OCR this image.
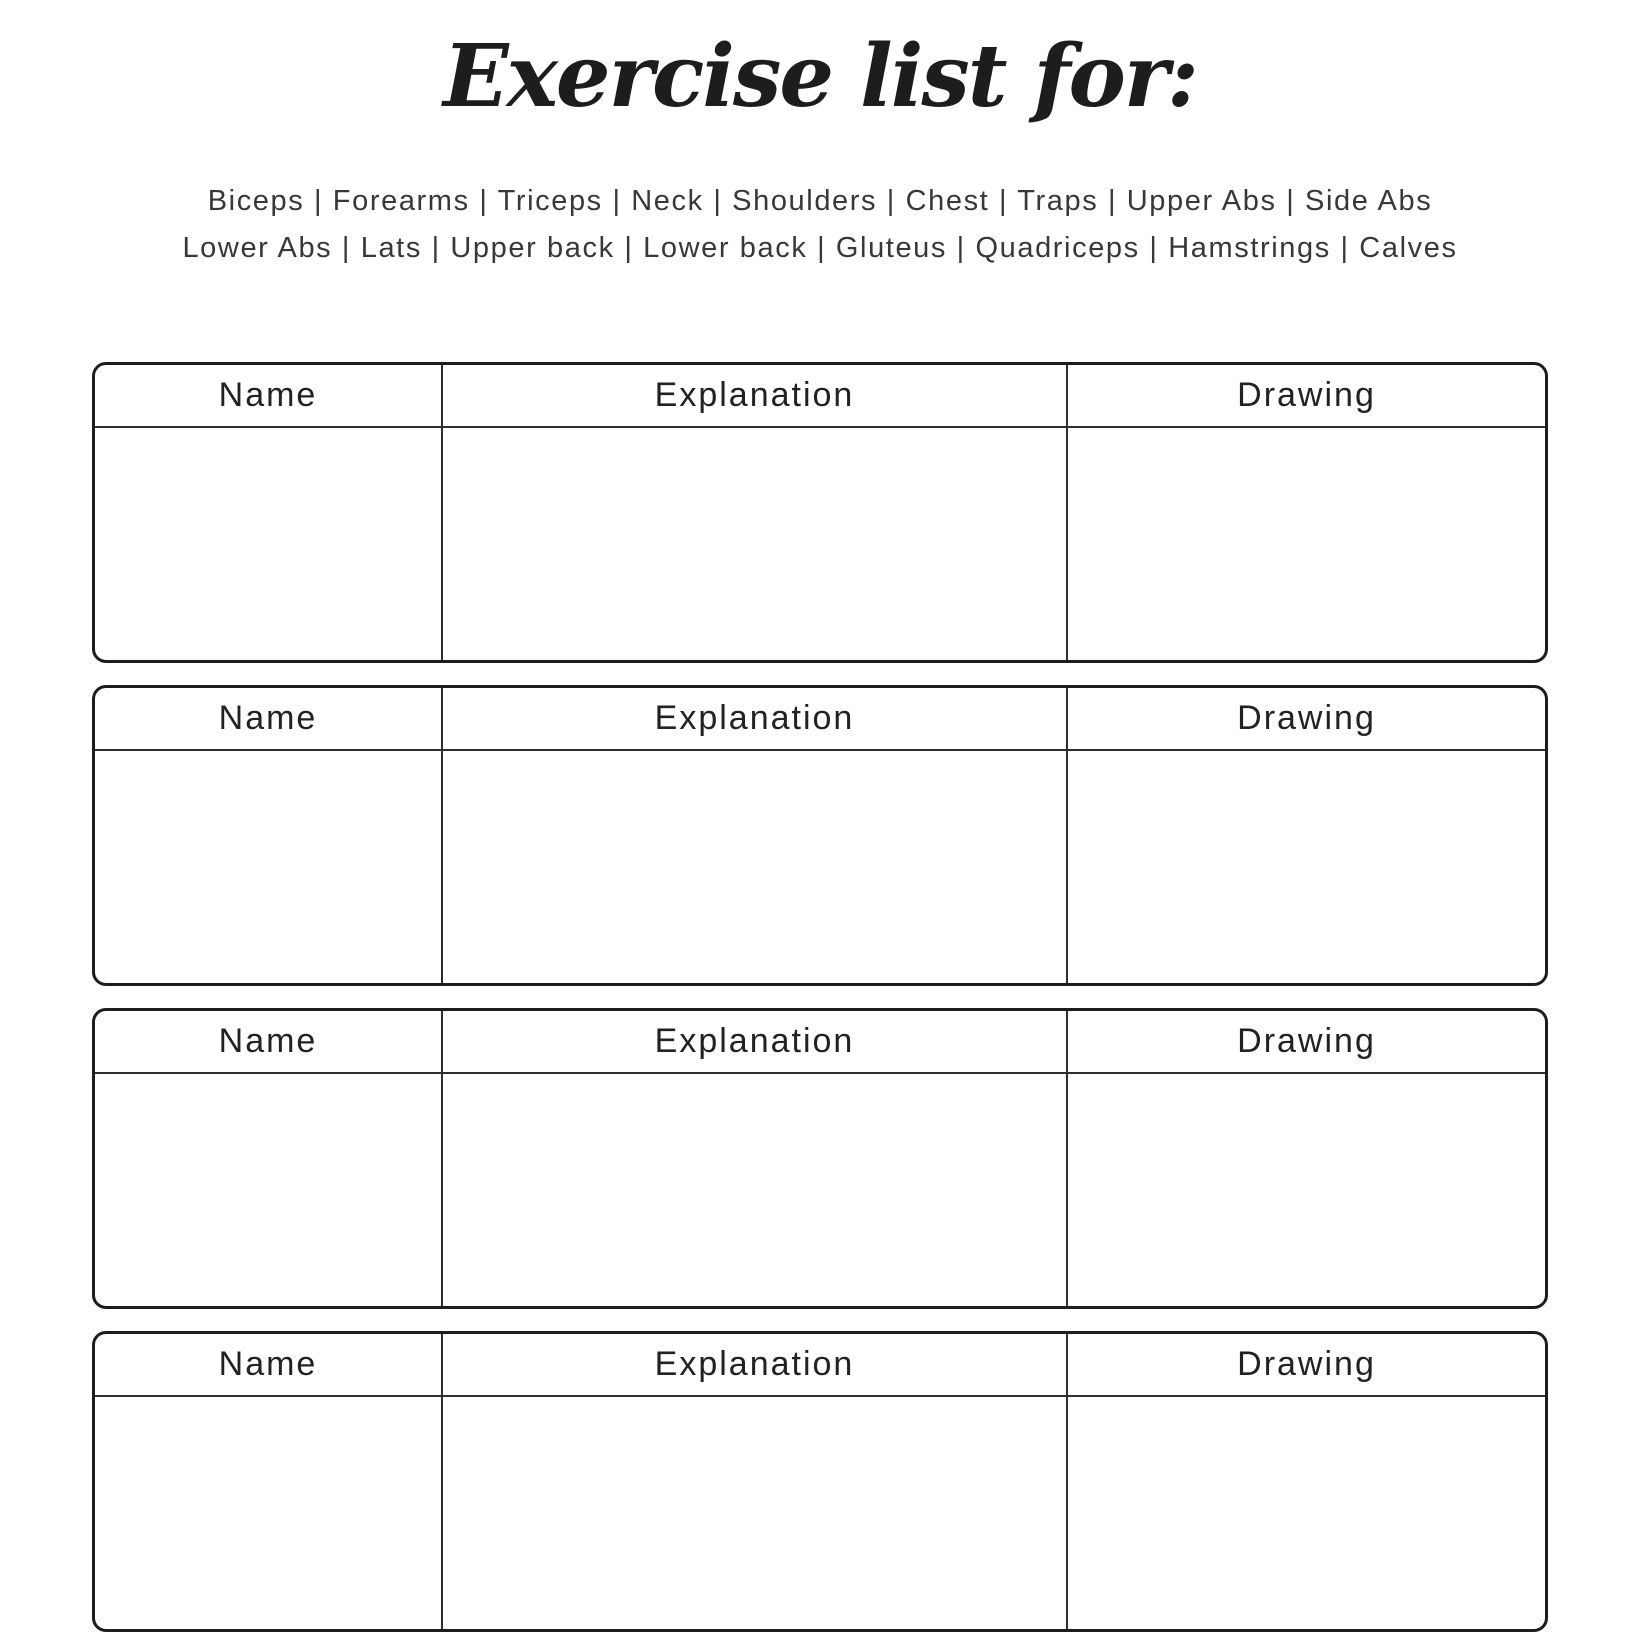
Exercise list for:
Biceps | Forearms | Triceps | Neck | Shoulders | Chest | Traps | Upper Abs | Side Abs
Lower Abs | Lats | Upper back | Lower back | Gluteus | Quadriceps | Hamstrings | Calves
Name	Explanation	Drawing
Name	Explanation	Drawing
Name	Explanation	Drawing
Name	Explanation	Drawing
